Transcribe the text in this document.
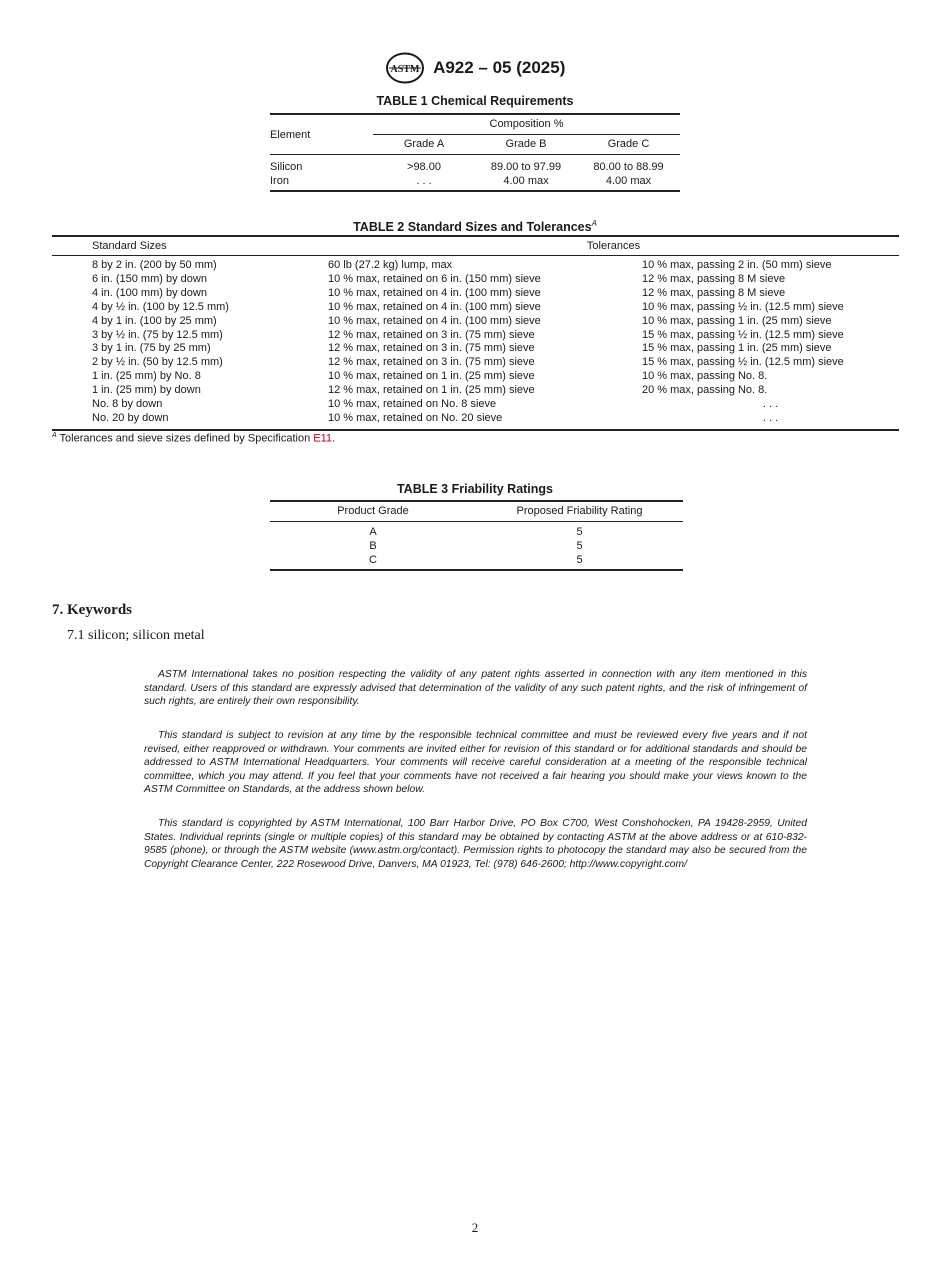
ASTM A922 – 05 (2025)
TABLE 1 Chemical Requirements
Element	Composition %		
	Grade A	Grade B	Grade C
Silicon	>98.00	89.00 to 97.99	80.00 to 88.99
Iron	. . .	4.00 max	4.00 max
TABLE 2 Standard Sizes and Tolerances$^A$
Standard Sizes	Tolerances	
8 by 2 in. (200 by 50 mm)	60 lb (27.2 kg) lump, max	10 % max, passing 2 in. (50 mm) sieve
6 in. (150 mm) by down	10 % max, retained on 6 in. (150 mm) sieve	12 % max, passing 8 M sieve
4 in. (100 mm) by down	10 % max, retained on 4 in. (100 mm) sieve	12 % max, passing 8 M sieve
4 by ½ in. (100 by 12.5 mm)	10 % max, retained on 4 in. (100 mm) sieve	10 % max, passing ½ in. (12.5 mm) sieve
4 by 1 in. (100 by 25 mm)	10 % max, retained on 4 in. (100 mm) sieve	10 % max, passing 1 in. (25 mm) sieve
3 by ½ in. (75 by 12.5 mm)	12 % max, retained on 3 in. (75 mm) sieve	15 % max, passing ½ in. (12.5 mm) sieve
3 by 1 in. (75 by 25 mm)	12 % max, retained on 3 in. (75 mm) sieve	15 % max, passing 1 in. (25 mm) sieve
2 by ½ in. (50 by 12.5 mm)	12 % max, retained on 3 in. (75 mm) sieve	15 % max, passing ½ in. (12.5 mm) sieve
1 in. (25 mm) by No. 8	10 % max, retained on 1 in. (25 mm) sieve	10 % max, passing No. 8.
1 in. (25 mm) by down	12 % max, retained on 1 in. (25 mm) sieve	20 % max, passing No. 8.
No. 8 by down	10 % max, retained on No. 8 sieve	. . .
No. 20 by down	10 % max, retained on No. 20 sieve	. . .
$^A$ Tolerances and sieve sizes defined by Specification E11.
TABLE 3 Friability Ratings
Product Grade	Proposed Friability Rating
A	5
B	5
C	5
7. Keywords
7.1 silicon; silicon metal

ASTM International takes no position respecting the validity of any patent rights asserted in connection with any item mentioned in this standard. Users of this standard are expressly advised that determination of the validity of any such patent rights, and the risk of infringement of such rights, are entirely their own responsibility.

This standard is subject to revision at any time by the responsible technical committee and must be reviewed every five years and if not revised, either reapproved or withdrawn. Your comments are invited either for revision of this standard or for additional standards and should be addressed to ASTM International Headquarters. Your comments will receive careful consideration at a meeting of the responsible technical committee, which you may attend. If you feel that your comments have not received a fair hearing you should make your views known to the ASTM Committee on Standards, at the address shown below.

This standard is copyrighted by ASTM International, 100 Barr Harbor Drive, PO Box C700, West Conshohocken, PA 19428-2959, United States. Individual reprints (single or multiple copies) of this standard may be obtained by contacting ASTM at the above address or at 610-832-9585 (phone), or through the ASTM website (www.astm.org/contact). Permission rights to photocopy the standard may also be secured from the Copyright Clearance Center, 222 Rosewood Drive, Danvers, MA 01923, Tel: (978) 646-2600; http://www.copyright.com/

2
